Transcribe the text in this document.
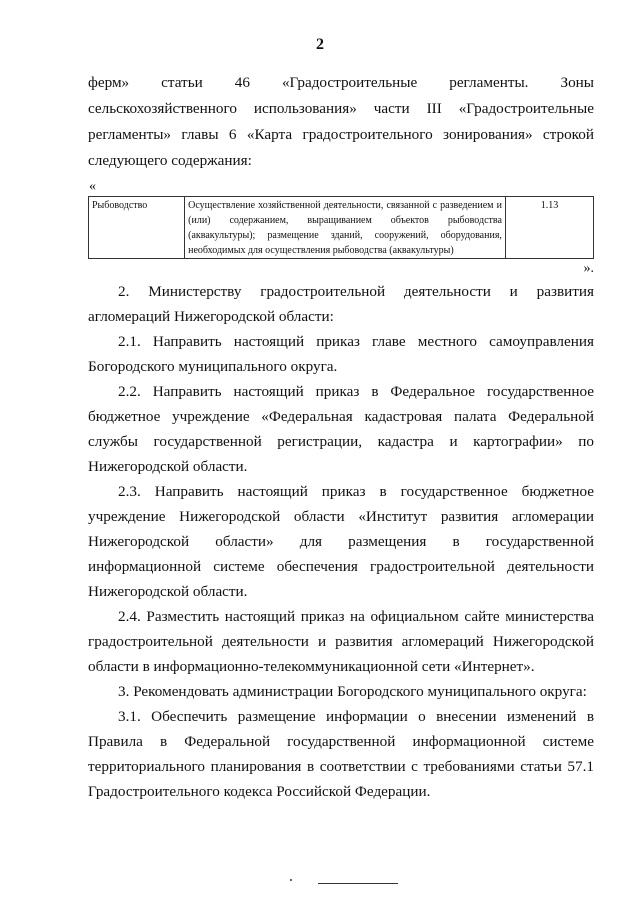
2

ферм» статьи 46 «Градостроительные регламенты. Зоны сельскохозяйственного использования» части III «Градостроительные регламенты» главы 6 «Карта градостроительного зонирования» строкой следующего содержания:

«
Рыбоводство	Осуществление хозяйственной деятельности, связанной с разведением и (или) содержанием, выращиванием объектов рыбоводства (аквакультуры); размещение зданий, сооружений, оборудования, необходимых для осуществления рыбоводства (аквакультуры)	1.13
».

2. Министерству градостроительной деятельности и развития агломераций Нижегородской области:

2.1. Направить настоящий приказ главе местного самоуправления Богородского муниципального округа.

2.2. Направить настоящий приказ в Федеральное государственное бюджетное учреждение «Федеральная кадастровая палата Федеральной службы государственной регистрации, кадастра и картографии» по Нижегородской области.

2.3. Направить настоящий приказ в государственное бюджетное учреждение Нижегородской области «Институт развития агломерации Нижегородской области» для размещения в государственной информационной системе обеспечения градостроительной деятельности Нижегородской области.

2.4. Разместить настоящий приказ на официальном сайте министерства градостроительной деятельности и развития агломераций Нижегородской области в информационно-телекоммуникационной сети «Интернет».

3. Рекомендовать администрации Богородского муниципального округа:

3.1. Обеспечить размещение информации о внесении изменений в Правила в Федеральной государственной информационной системе территориального планирования в соответствии с требованиями статьи 57.1 Градостроительного кодекса Российской Федерации.
